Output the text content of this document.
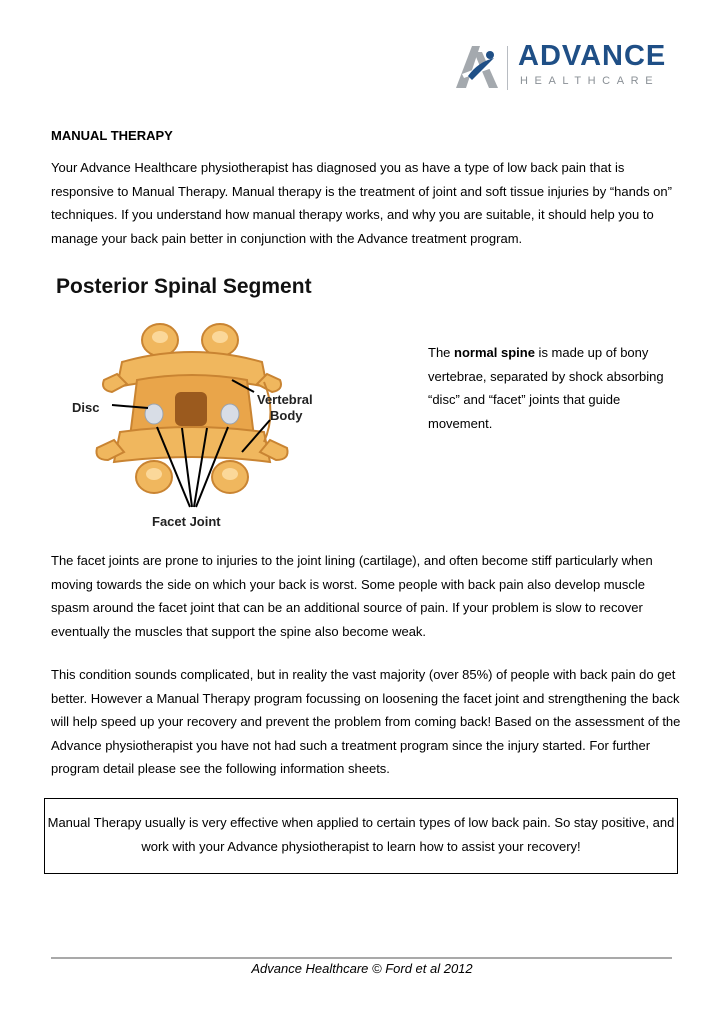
ADVANCE
HEALTHCARE
MANUAL THERAPY

Your Advance Healthcare physiotherapist has diagnosed you as have a type of low back pain that is responsive to Manual Therapy. Manual therapy is the treatment of joint and soft tissue injuries by “hands on” techniques. If you understand how manual therapy works, and why you are suitable, it should help you to manage your back pain better in conjunction with the Advance treatment program.

Posterior Spinal Segment
Disc
Vertebral
Body
Facet Joint

The normal spine is made up of bony vertebrae, separated by shock absorbing “disc” and “facet” joints that guide movement.

The facet joints are prone to injuries to the joint lining (cartilage), and often become stiff particularly when moving towards the side on which your back is worst. Some people with back pain also develop muscle spasm around the facet joint that can be an additional source of pain. If your problem is slow to recover eventually the muscles that support the spine also become weak.

This condition sounds complicated, but in reality the vast majority (over 85%) of people with back pain do get better. However a Manual Therapy program focussing on loosening the facet joint and strengthening the back will help speed up your recovery and prevent the problem from coming back! Based on the assessment of the Advance physiotherapist you have not had such a treatment program since the injury started. For further program detail please see the following information sheets.

Manual Therapy usually is very effective when applied to certain types of low back pain. So stay positive, and work with your Advance physiotherapist to learn how to assist your recovery!
Advance Healthcare © Ford et al 2012
